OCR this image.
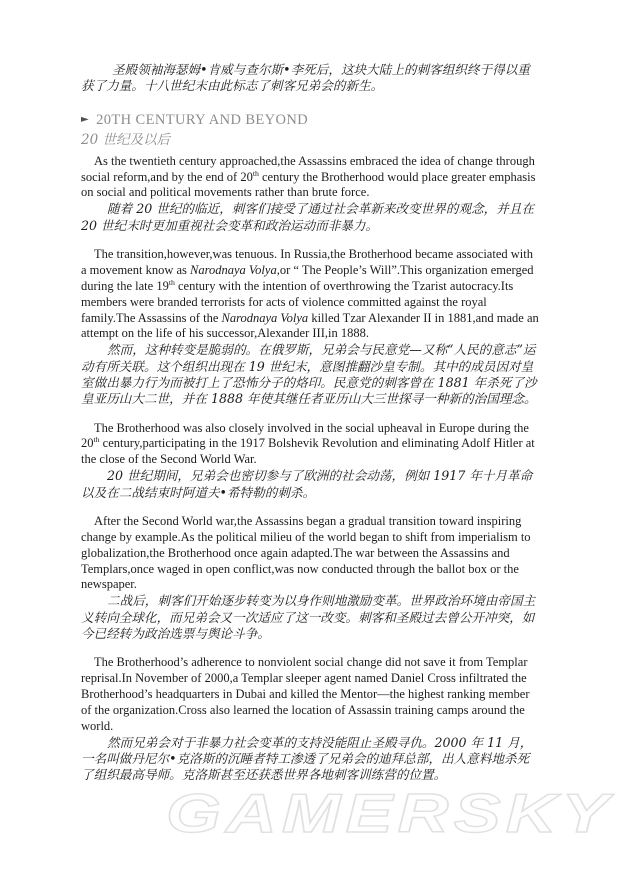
圣殿领袖海瑟姆•肯威与查尔斯•李死后，这块大陆上的刺客组织终于得以重获了力量。十八世纪末由此标志了刺客兄弟会的新生。

► 20TH CENTURY AND BEYOND

20 世纪及以后

As the twentieth century approached,the Assassins embraced the idea of change through social reform,and by the end of 20th century the Brotherhood would place greater emphasis on social and political movements rather than brute force.

随着 20 世纪的临近，刺客们接受了通过社会革新来改变世界的观念，并且在 20 世纪末时更加重视社会变革和政治运动而非暴力。

The transition,however,was tenuous. In Russia,the Brotherhood became associated with a movement know as Narodnaya Volya,or “ The People’s Will”.This organization emerged during the late 19th century with the intention of overthrowing the Tzarist autocracy.Its members were branded terrorists for acts of violence committed against the royal family.The Assassins of the Narodnaya Volya killed Tzar Alexander II in 1881,and made an attempt on the life of his successor,Alexander III,in 1888.

然而，这种转变是脆弱的。在俄罗斯，兄弟会与民意党—又称“人民的意志”运动有所关联。这个组织出现在 19 世纪末，意图推翻沙皇专制。其中的成员因对皇室做出暴力行为而被打上了恐怖分子的烙印。民意党的刺客曾在 1881 年杀死了沙皇亚历山大二世，并在 1888 年使其继任者亚历山大三世探寻一种新的治国理念。

The Brotherhood was also closely involved in the social upheaval in Europe during the 20th century,participating in the 1917 Bolshevik Revolution and eliminating Adolf Hitler at the close of the Second World War.

20 世纪期间，兄弟会也密切参与了欧洲的社会动荡，例如 1917 年十月革命以及在二战结束时阿道夫•希特勒的刺杀。

After the Second World war,the Assassins began a gradual transition toward inspiring change by example.As the political milieu of the world began to shift from imperialism to globalization,the Brotherhood once again adapted.The war between the Assassins and Templars,once waged in open conflict,was now conducted through the ballot box or the newspaper.

二战后，刺客们开始逐步转变为以身作则地激励变革。世界政治环境由帝国主义转向全球化，而兄弟会又一次适应了这一改变。刺客和圣殿过去曾公开冲突，如今已经转为政治选票与舆论斗争。

The Brotherhood’s adherence to nonviolent social change did not save it from Templar reprisal.In November of 2000,a Templar sleeper agent named Daniel Cross infiltrated the Brotherhood’s headquarters in Dubai and killed the Mentor—the highest ranking member of the organization.Cross also learned the location of Assassin training camps around the world.

然而兄弟会对于非暴力社会变革的支持没能阻止圣殿寻仇。2000 年 11 月，一名叫做丹尼尔•克洛斯的沉睡者特工渗透了兄弟会的迪拜总部，出人意料地杀死了组织最高导师。克洛斯甚至还获悉世界各地刺客训练营的位置。

GAMERSKY
